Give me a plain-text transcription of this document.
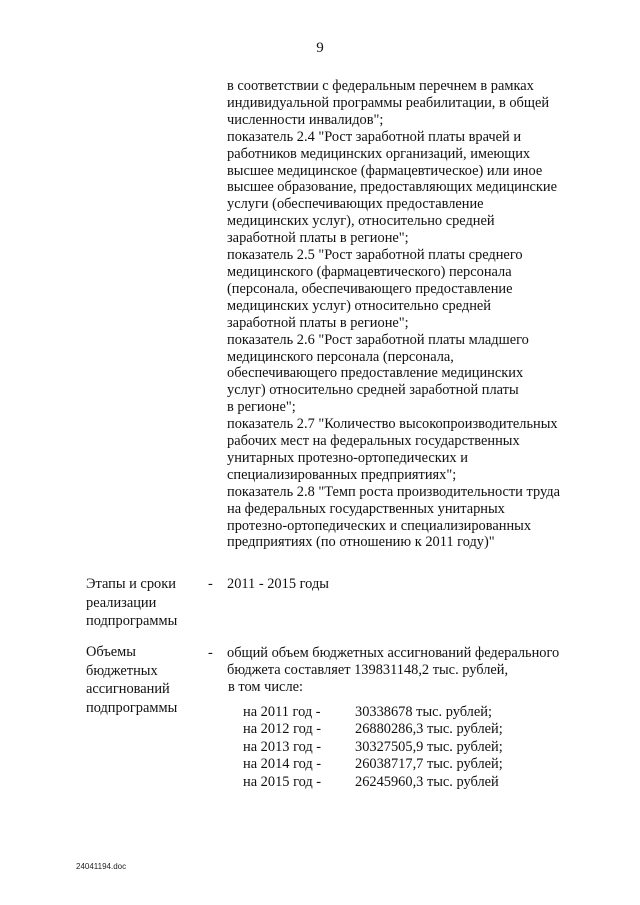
9
в соответствии с федеральным перечнем в рамках
индивидуальной программы реабилитации, в общей
численности инвалидов";
показатель 2.4 "Рост заработной платы врачей и
работников медицинских организаций, имеющих
высшее медицинское (фармацевтическое) или иное
высшее образование, предоставляющих медицинские
услуги (обеспечивающих предоставление
медицинских услуг), относительно средней
заработной платы в регионе";
показатель 2.5 "Рост заработной платы среднего
медицинского (фармацевтического) персонала
(персонала, обеспечивающего предоставление
медицинских услуг) относительно средней
заработной платы в регионе";
показатель 2.6 "Рост заработной платы младшего
медицинского персонала (персонала,
обеспечивающего предоставление медицинских
услуг) относительно средней заработной платы
в регионе";
показатель 2.7 "Количество высокопроизводительных
рабочих мест на федеральных государственных
унитарных протезно-ортопедических и
специализированных предприятиях";
показатель 2.8 "Темп роста производительности труда
на федеральных государственных унитарных
протезно-ортопедических и специализированных
предприятиях (по отношению к 2011 году)"
Этапы и сроки
реализации
подпрограммы
- 2011 - 2015 годы
Объемы
бюджетных
ассигнований
подпрограммы
- общий объем бюджетных ассигнований федерального
бюджета составляет 139831148,2 тыс. рублей,
в том числе:
на 2011 год -	30338678 тыс. рублей;
на 2012 год -	26880286,3 тыс. рублей;
на 2013 год -	30327505,9 тыс. рублей;
на 2014 год -	26038717,7 тыс. рублей;
на 2015 год -	26245960,3 тыс. рублей
24041194.doc
